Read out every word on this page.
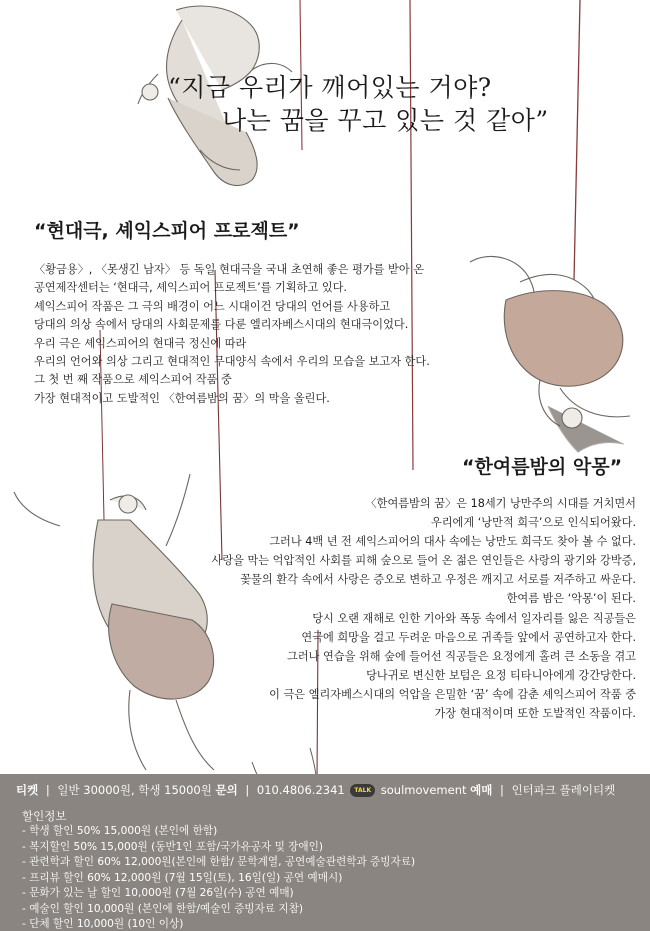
“지금 우리가 깨어있는 거야?
나는 꿈을 꾸고 있는 것 같아”
“현대극, 셰익스피어 프로젝트”
〈황금용〉, 〈못생긴 남자〉 등 독일 현대극을 국내 초연해 좋은 평가를 받아 온
공연제작센터는 ‘현대극, 셰익스피어 프로젝트’를 기획하고 있다.
셰익스피어 작품은 그 극의 배경이 어느 시대이건 당대의 언어를 사용하고
당대의 의상 속에서 당대의 사회문제를 다룬 엘리자베스시대의 현대극이었다.
우리 극은 셰익스피어의 현대극 정신에 따라
우리의 언어와 의상 그리고 현대적인 무대양식 속에서 우리의 모습을 보고자 한다.
그 첫 번 째 작품으로 셰익스피어 작품 중
가장 현대적이고 도발적인 〈한여름밤의 꿈〉의 막을 올린다.
“한여름밤의 악몽”
〈한여름밤의 꿈〉은 18세기 낭만주의 시대를 거치면서
우리에게 ‘낭만적 희극’으로 인식되어왔다.
그러나 4백 년 전 셰익스피어의 대사 속에는 낭만도 희극도 찾아 볼 수 없다.
사랑을 막는 억압적인 사회를 피해 숲으로 들어 온 젊은 연인들은 사랑의 광기와 강박증,
꽃물의 환각 속에서 사랑은 증오로 변하고 우정은 깨지고 서로를 저주하고 싸운다.
한여름 밤은 ‘악몽’이 된다.
당시 오랜 재해로 인한 기아와 폭동 속에서 일자리를 잃은 직공들은
연극에 희망을 걸고 두려운 마음으로 귀족들 앞에서 공연하고자 한다.
그러나 연습을 위해 숲에 들어선 직공들은 요정에게 홀려 큰 소동을 겪고
당나귀로 변신한 보텀은 요정 티타니아에게 강간당한다.
이 극은 엘리자베스시대의 억압을 은밀한 ‘꿈’ 속에 감춘 셰익스피어 작품 중
가장 현대적이며 또한 도발적인 작품이다.
티켓 | 일반 30000원, 학생 15000원 문의 | 010.4806.2341 TALK soulmovement 예매 | 인터파크 플레이티켓
할인정보
- 학생 할인 50% 15,000원 (본인에 한함)
- 복지할인 50% 15,000원 (동반1인 포함/국가유공자 및 장애인)
- 관련학과 할인 60% 12,000원(본인에 한함/ 문학계열, 공연예술관련학과 증빙자료)
- 프리뷰 할인 60% 12,000원 (7월 15일(토), 16일(일) 공연 예매시)
- 문화가 있는 날 할인 10,000원 (7월 26일(수) 공연 예매)
- 예술인 할인 10,000원 (본인에 한함/예술인 증빙자료 지참)
- 단체 할인 10,000원 (10인 이상)
